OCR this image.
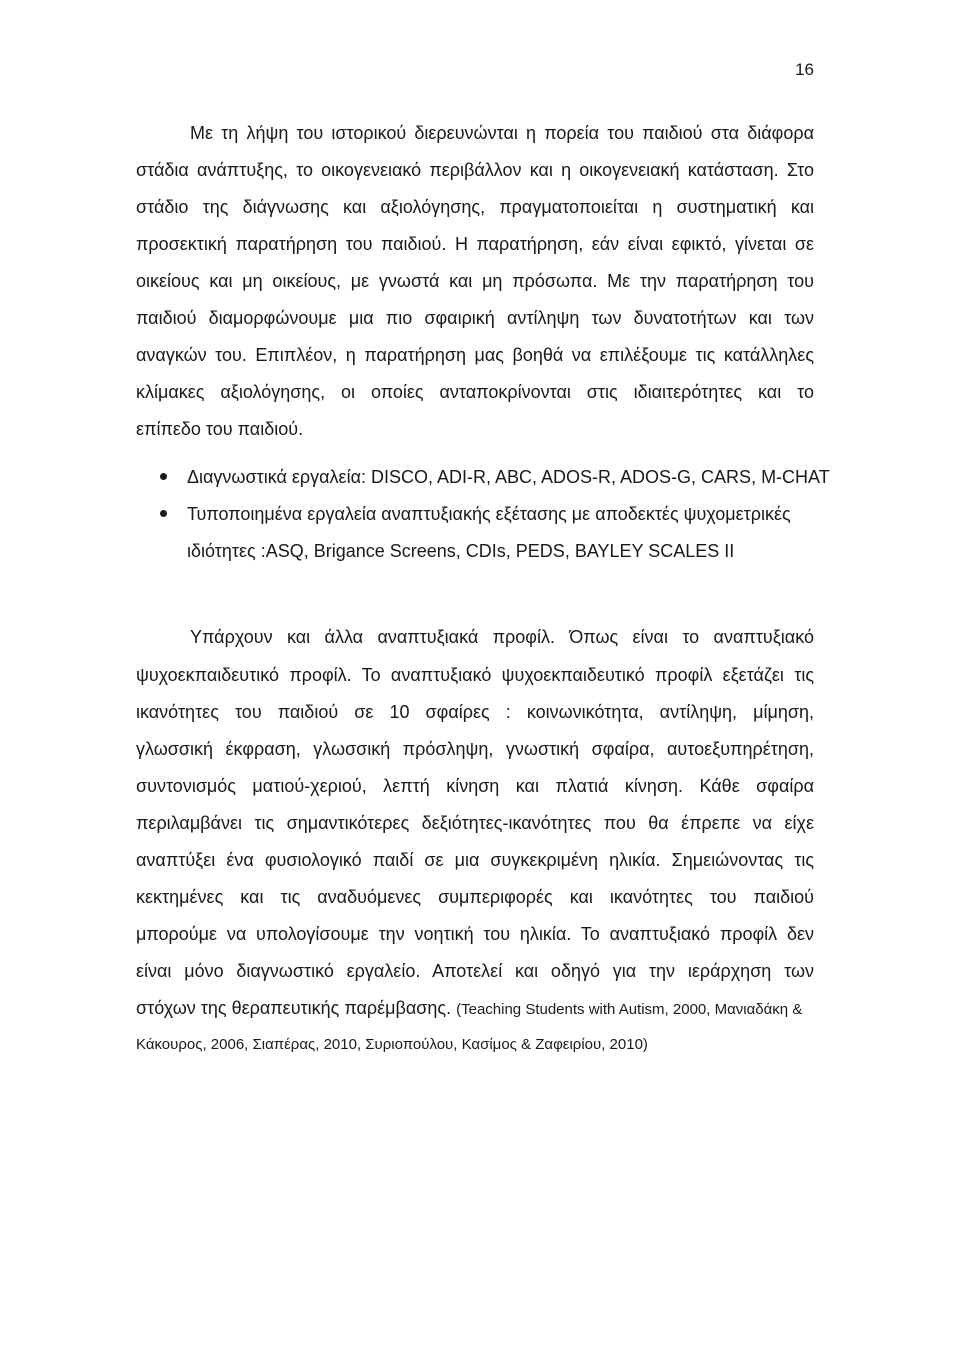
16
Με τη λήψη του ιστορικού διερευνώνται η πορεία του παιδιού στα διάφορα
στάδια ανάπτυξης, το οικογενειακό περιβάλλον και η οικογενειακή κατάσταση. Στο
στάδιο της διάγνωσης και αξιολόγησης, πραγματοποιείται η συστηματική και
προσεκτική παρατήρηση του παιδιού. Η παρατήρηση, εάν είναι εφικτό, γίνεται σε
οικείους και μη οικείους, με γνωστά και μη πρόσωπα. Με την παρατήρηση του
παιδιού διαμορφώνουμε μια πιο σφαιρική αντίληψη των δυνατοτήτων και των
αναγκών του. Επιπλέον, η παρατήρηση μας βοηθά να επιλέξουμε τις κατάλληλες
κλίμακες αξιολόγησης, οι οποίες ανταποκρίνονται στις ιδιαιτερότητες και το
επίπεδο του παιδιού.
Διαγνωστικά εργαλεία: DISCO, ADI-R, ABC, ADOS-R, ADOS-G, CARS, M-CHAT
Τυποποιημένα εργαλεία αναπτυξιακής εξέτασης με αποδεκτές ψυχομετρικές
ιδιότητες :ASQ, Brigance Screens, CDIs, PEDS, BAYLEY SCALES II
Υπάρχουν και άλλα αναπτυξιακά προφίλ. Όπως είναι το αναπτυξιακό
ψυχοεκπαιδευτικό προφίλ. Το αναπτυξιακό ψυχοεκπαιδευτικό προφίλ εξετάζει τις
ικανότητες του παιδιού σε 10 σφαίρες : κοινωνικότητα, αντίληψη, μίμηση,
γλωσσική έκφραση, γλωσσική πρόσληψη, γνωστική σφαίρα, αυτοεξυπηρέτηση,
συντονισμός ματιού-χεριού, λεπτή κίνηση και πλατιά κίνηση. Κάθε σφαίρα
περιλαμβάνει τις σημαντικότερες δεξιότητες-ικανότητες που θα έπρεπε να είχε
αναπτύξει ένα φυσιολογικό παιδί σε μια συγκεκριμένη ηλικία. Σημειώνοντας τις
κεκτημένες και τις αναδυόμενες συμπεριφορές και ικανότητες του παιδιού
μπορούμε να υπολογίσουμε την νοητική του ηλικία. Το αναπτυξιακό προφίλ δεν
είναι μόνο διαγνωστικό εργαλείο. Αποτελεί και οδηγό για την ιεράρχηση των
στόχων της θεραπευτικής παρέμβασης. (Teaching Students with Autism, 2000, Μανιαδάκη &
Κάκουρος, 2006, Σιαπέρας, 2010, Συριοπούλου, Κασίμος & Ζαφειρίου, 2010)
